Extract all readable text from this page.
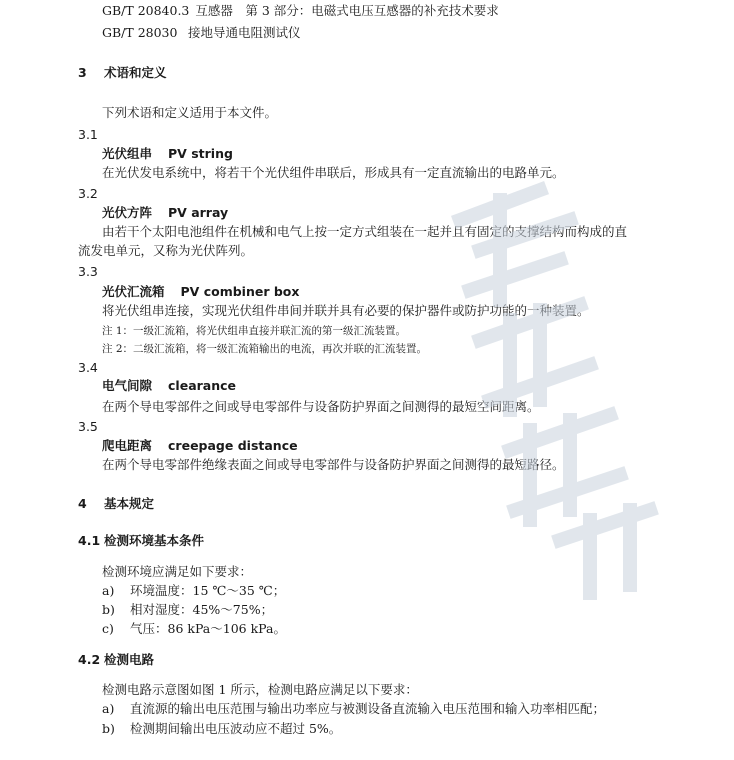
GB/T 20840.3 互感器　第 3 部分：电磁式电压互感器的补充技术要求
GB/T 28030 接地导通电阻测试仪
3 术语和定义
下列术语和定义适用于本文件。
3.1
光伏组串 PV string
在光伏发电系统中，将若干个光伏组件串联后，形成具有一定直流输出的电路单元。
3.2
光伏方阵 PV array
由若干个太阳电池组件在机械和电气上按一定方式组装在一起并且有固定的支撑结构而构成的直
流发电单元，又称为光伏阵列。
3.3
光伏汇流箱 PV combiner box
将光伏组串连接，实现光伏组件串间并联并具有必要的保护器件或防护功能的一种装置。
注 1：一级汇流箱，将光伏组串直接并联汇流的第一级汇流装置。
注 2：二级汇流箱，将一级汇流箱输出的电流，再次并联的汇流装置。
3.4
电气间隙 clearance
在两个导电零部件之间或导电零部件与设备防护界面之间测得的最短空间距离。
3.5
爬电距离 creepage distance
在两个导电零部件绝缘表面之间或导电零部件与设备防护界面之间测得的最短路径。
4 基本规定
4.1 检测环境基本条件
检测环境应满足如下要求：
a) 环境温度：15 ℃～35 ℃；
b) 相对湿度：45%～75%；
c) 气压：86 kPa～106 kPa。
4.2 检测电路
检测电路示意图如图 1 所示，检测电路应满足以下要求：
a) 直流源的输出电压范围与输出功率应与被测设备直流输入电压范围和输入功率相匹配；
b) 检测期间输出电压波动应不超过 5%。
